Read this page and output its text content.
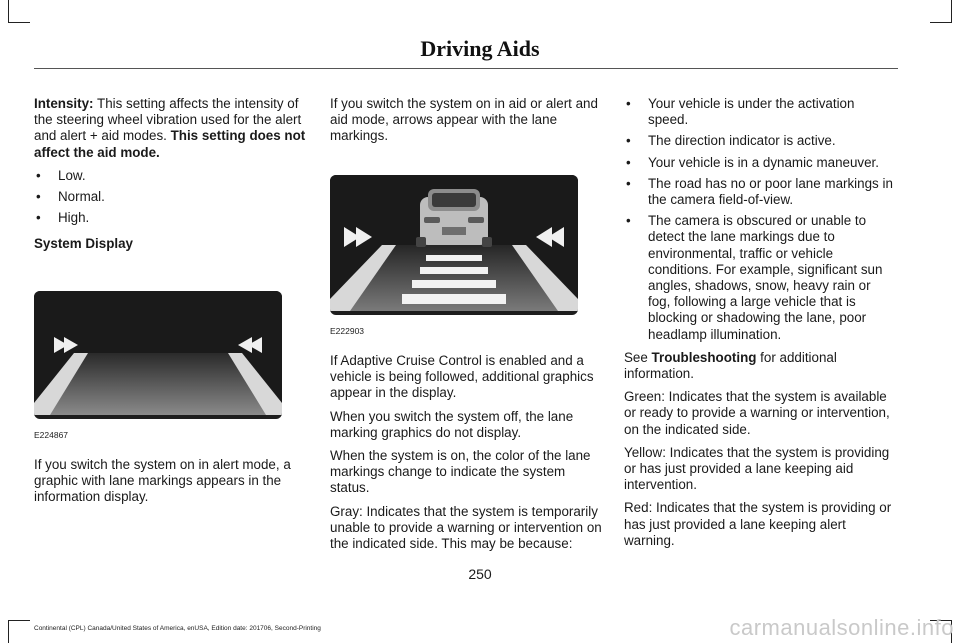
Driving Aids

Intensity: This setting affects the intensity of the steering wheel vibration used for the alert and alert + aid modes. This setting does not affect the aid mode.

• Low.
• Normal.
• High.

System Display

E224867

If you switch the system on in alert mode, a graphic with lane markings appears in the information display.

If you switch the system on in aid or alert and aid mode, arrows appear with the lane markings.

E222903

If Adaptive Cruise Control is enabled and a vehicle is being followed, additional graphics appear in the display.

When you switch the system off, the lane marking graphics do not display.

When the system is on, the color of the lane markings change to indicate the system status.

Gray: Indicates that the system is temporarily unable to provide a warning or intervention on the indicated side. This may be because:

• Your vehicle is under the activation speed.
• The direction indicator is active.
• Your vehicle is in a dynamic maneuver.
• The road has no or poor lane markings in the camera field-of-view.
• The camera is obscured or unable to detect the lane markings due to environmental, traffic or vehicle conditions. For example, significant sun angles, shadows, snow, heavy rain or fog, following a large vehicle that is blocking or shadowing the lane, poor headlamp illumination.

See Troubleshooting for additional information.

Green: Indicates that the system is available or ready to provide a warning or intervention, on the indicated side.

Yellow: Indicates that the system is providing or has just provided a lane keeping aid intervention.

Red: Indicates that the system is providing or has just provided a lane keeping alert warning.

250
Continental (CPL) Canada/United States of America, enUSA, Edition date: 201706, Second-Printing	carmanualsonline.info
